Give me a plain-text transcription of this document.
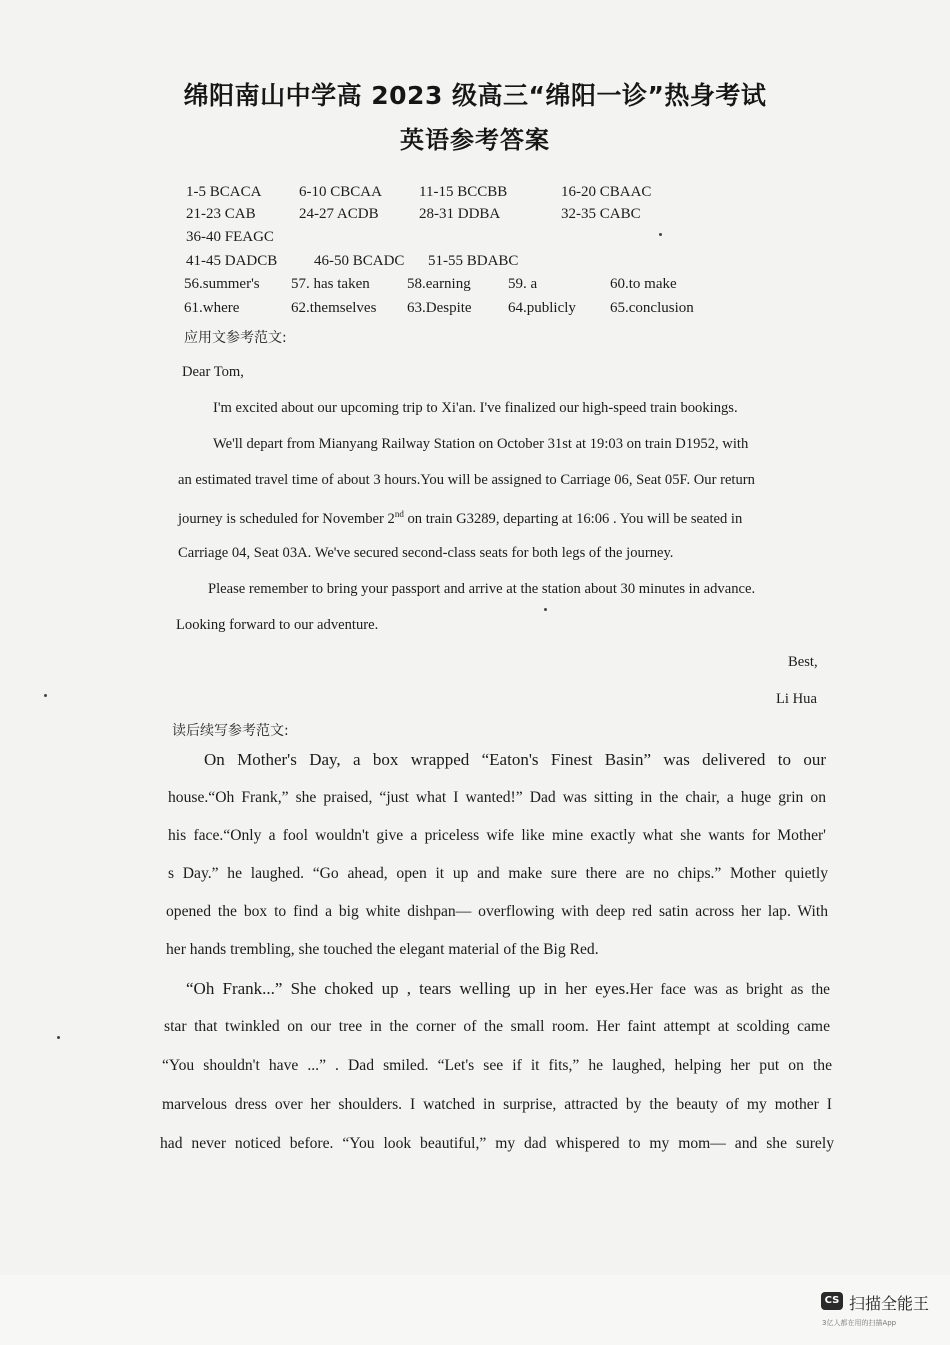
绵阳南山中学高 2023 级高三“绵阳一诊”热身考试
英语参考答案
1-5 BCACA	6-10 CBCAA 11-15 BCCBB	16-20 CBAAC
21-23 CAB	24-27 ACDB	28-31 DDBA	32-35 CABC
36-40 FEAGC
41-45 DADCB 46-50 BCADC 51-55 BDABC
56.summer's 57. has taken 58.earning 59. a	60.to make
61.where	62.themselves 63.Despite 64.publicly 65.conclusion
应用文参考范文:
Dear Tom,
I'm excited about our upcoming trip to Xi'an. I've finalized our high-speed train bookings.
We'll depart from Mianyang Railway Station on October 31st at 19:03 on train D1952, with
an estimated travel time of about 3 hours.You will be assigned to Carriage 06, Seat 05F. Our return
journey is scheduled for November 2nd on train G3289, departing at 16:06 . You will be seated in
Carriage 04, Seat 03A. We've secured second-class seats for both legs of the journey.
Please remember to bring your passport and arrive at the station about 30 minutes in advance.
Looking forward to our adventure.
Best,
Li Hua
读后续写参考范文:
On Mother's Day, a box wrapped “Eaton's Finest Basin” was delivered to our
house.“Oh Frank,” she praised, “just what I wanted!” Dad was sitting in the chair, a huge grin on
his face.“Only a fool wouldn't give a priceless wife like mine exactly what she wants for Mother'
s Day.” he laughed. “Go ahead, open it up and make sure there are no chips.” Mother quietly
opened the box to find a big white dishpan— overflowing with deep red satin across her lap. With
her hands trembling, she touched the elegant material of the Big Red.
“Oh Frank...” She choked up , tears welling up in her eyes.Her face was as bright as the
star that twinkled on our tree in the corner of the small room. Her faint attempt at scolding came
“You shouldn't have ...” . Dad smiled. “Let's see if it fits,” he laughed, helping her put on the
marvelous dress over her shoulders. I watched in surprise, attracted by the beauty of my mother I
had never noticed before. “You look beautiful,” my dad whispered to my mom— and she surely
CS 扫描全能王
3亿人都在用的扫描App
